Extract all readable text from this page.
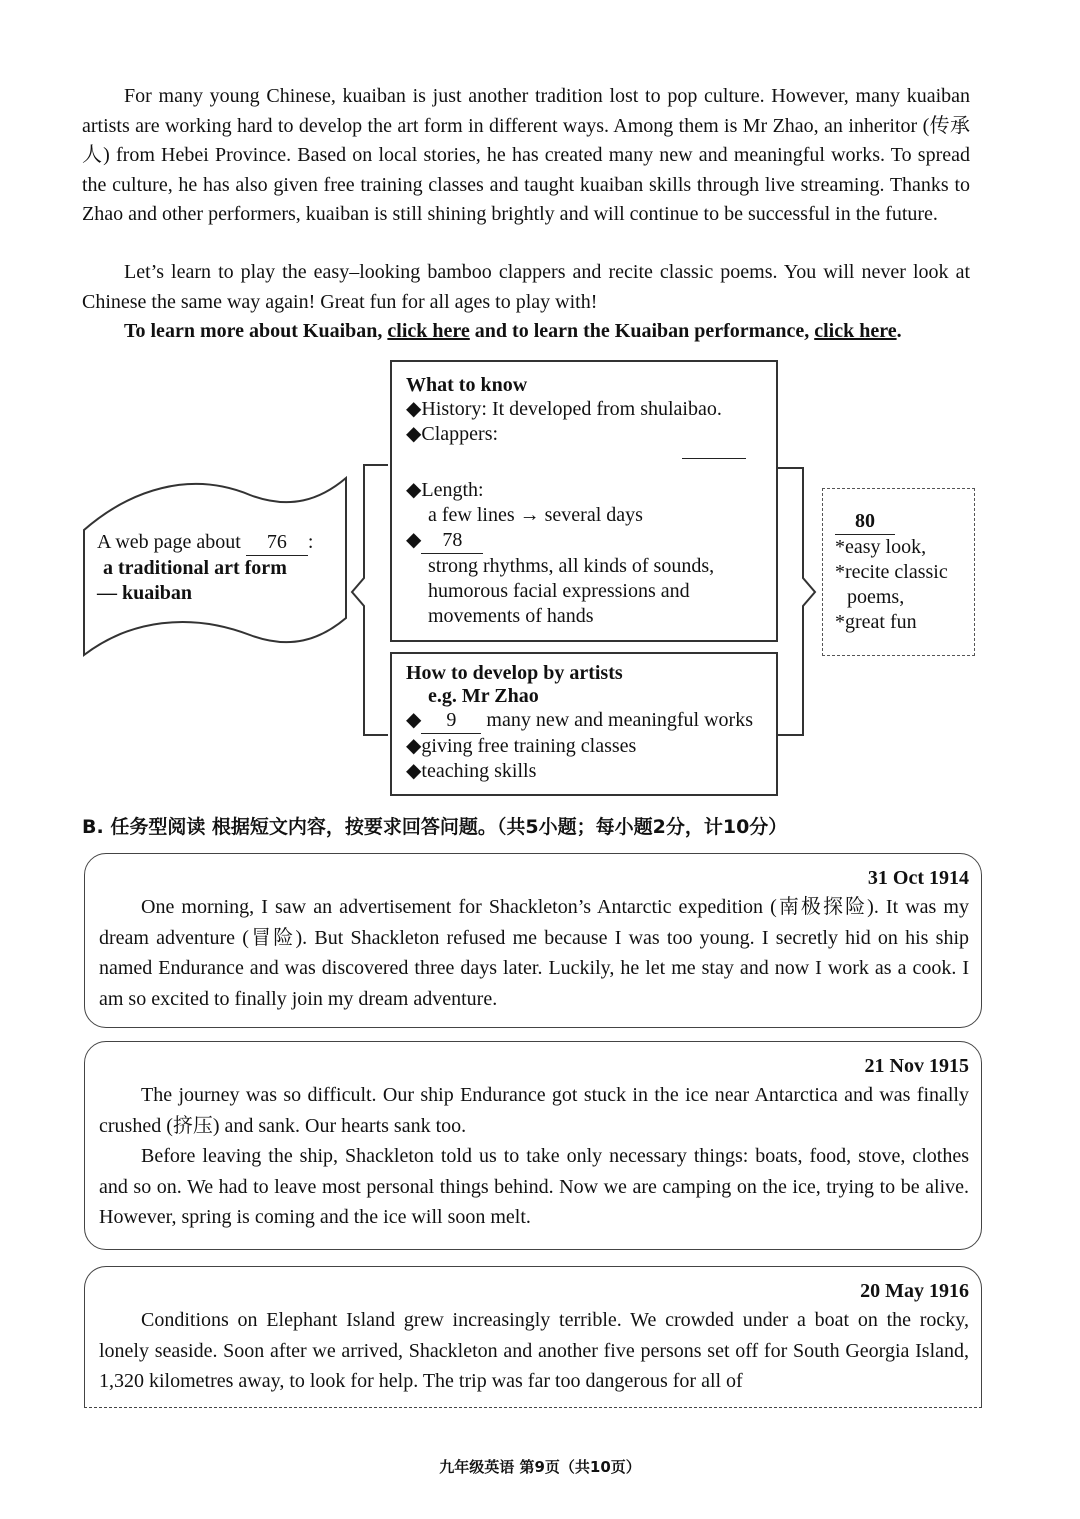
For many young Chinese, kuaiban is just another tradition lost to pop culture. However, many kuaiban artists are working hard to develop the art form in different ways. Among them is Mr Zhao, an inheritor (传承人) from Hebei Province. Based on local stories, he has created many new and meaningful works. To spread the culture, he has also given free training classes and taught kuaiban skills through live streaming. Thanks to Zhao and other performers, kuaiban is still shining brightly and will continue to be successful in the future.

Let’s learn to play the easy–looking bamboo clappers and recite classic poems. You will never look at Chinese the same way again! Great fun for all ages to play with!

To learn more about Kuaiban, click here and to learn the Kuaiban performance, click here.
A web page about 76 :
a traditional art form
— kuaiban
What to know
◆History: It developed from shulaibao.
◆Clappers:
◆Length:
a few lines → several days
◆ 78
strong rhythms, all kinds of sounds,
humorous facial expressions and
movements of hands
How to develop by artists
e.g. Mr Zhao
◆ 9 many new and meaningful works
◆giving free training classes
◆teaching skills
80
*easy look,
*recite classic
poems,
*great fun
B. 任务型阅读 根据短文内容，按要求回答问题。（共5小题；每小题2分，计10分）
31 Oct 1914

One morning, I saw an advertisement for Shackleton’s Antarctic expedition (南极探险). It was my dream adventure (冒险). But Shackleton refused me because I was too young. I secretly hid on his ship named Endurance and was discovered three days later. Luckily, he let me stay and now I work as a cook. I am so excited to finally join my dream adventure.

21 Nov 1915

The journey was so difficult. Our ship Endurance got stuck in the ice near Antarctica and was finally crushed (挤压) and sank. Our hearts sank too.

Before leaving the ship, Shackleton told us to take only necessary things: boats, food, stove, clothes and so on. We had to leave most personal things behind. Now we are camping on the ice, trying to be alive. However, spring is coming and the ice will soon melt.

20 May 1916

Conditions on Elephant Island grew increasingly terrible. We crowded under a boat on the rocky, lonely seaside. Soon after we arrived, Shackleton and another five persons set off for South Georgia Island, 1,320 kilometres away, to look for help. The trip was far too dangerous for all of

九年级英语 第9页（共10页）
